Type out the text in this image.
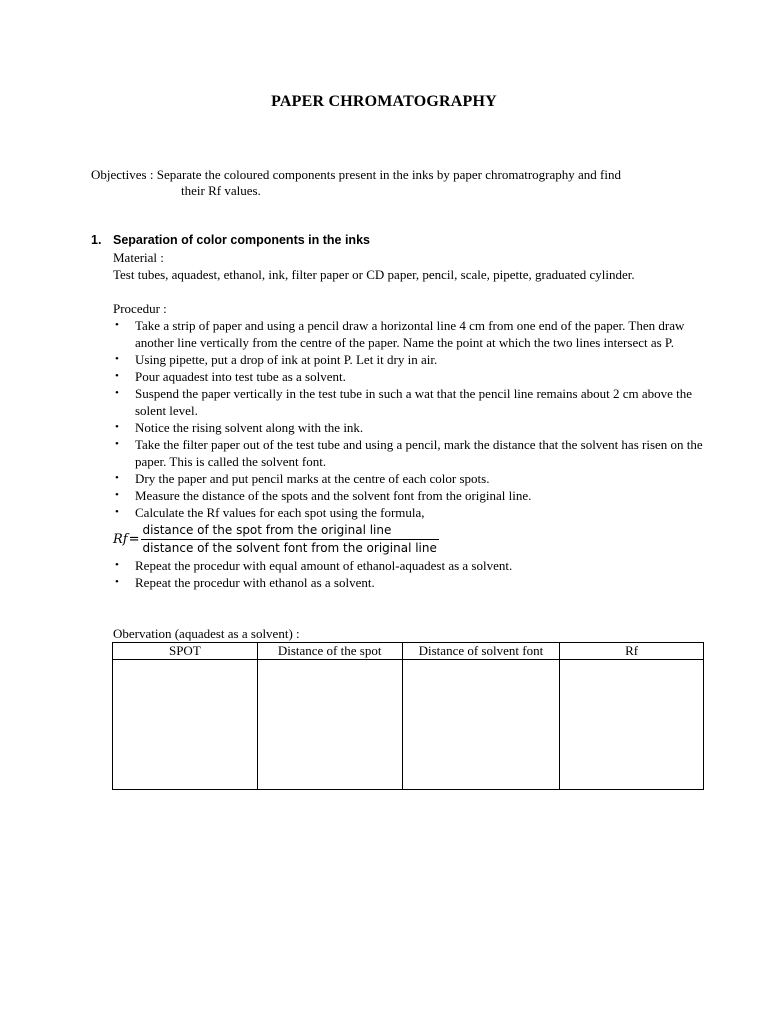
PAPER CHROMATOGRAPHY
Objectives : Separate the coloured components present in the inks by paper chromatrography and find
their Rf values.
1. Separation of color components in the inks
Material :
Test tubes, aquadest, ethanol, ink, filter paper or CD paper, pencil, scale, pipette, graduated cylinder.
Procedur :
• Take a strip of paper and using a pencil draw a horizontal line 4 cm from one end of the paper. Then draw another line vertically from the centre of the paper. Name the point at which the two lines intersect as P.
• Using pipette, put a drop of ink at point P. Let it dry in air.
• Pour aquadest into test tube as a solvent.
• Suspend the paper vertically in the test tube in such a wat that the pencil line remains about 2 cm above the solent level.
• Notice the rising solvent along with the ink.
• Take the filter paper out of the test tube and using a pencil, mark the distance that the solvent has risen on the paper. This is called the solvent font.
• Dry the paper and put pencil marks at the centre of each color spots.
• Measure the distance of the spots and the solvent font from the original line.
• Calculate the Rf values for each spot using the formula,
$Rf = \frac{\text{distance of the spot from the original line}}{\text{distance of the solvent font from the original line}}$
• Repeat the procedur with equal amount of ethanol-aquadest as a solvent.
• Repeat the procedur with ethanol as a solvent.
Obervation (aquadest as a solvent) :
SPOT	Distance of the spot	Distance of solvent font	Rf
